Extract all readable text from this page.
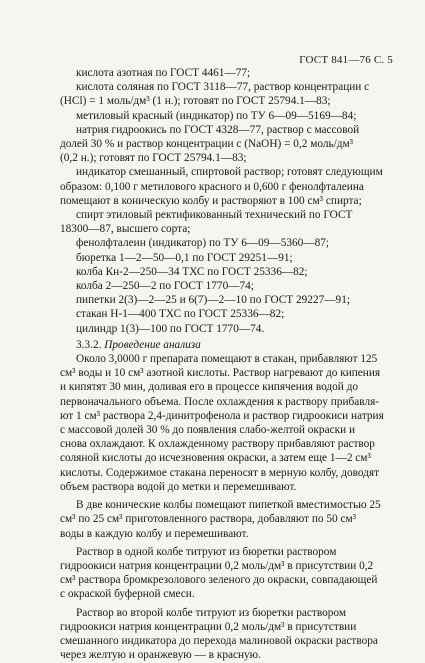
ГОСТ 841—76 С. 5
кислота азотная по ГОСТ 4461—77;
кислота соляная по ГОСТ 3118—77, раствор концентрации c
(HCl) = 1 моль/дм³ (1 н.); готовят по ГОСТ 25794.1—83;
метиловый красный (индикатор) по ТУ 6—09—5169—84;
натрия гидроокись по ГОСТ 4328—77, раствор с массовой
долей 30 % и раствор концентрации c (NaOH) = 0,2 моль/дм³
(0,2 н.); готовят по ГОСТ 25794.1—83;
индикатор смешанный, спиртовой раствор; готовят следующим
образом: 0,100 г метилового красного и 0,600 г фенолфталеина
помещают в коническую колбу и растворяют в 100 см³ спирта;
спирт этиловый ректификованный технический по ГОСТ
18300—87, высшего сорта;
фенолфталеин (индикатор) по ТУ 6—09—5360—87;
бюретка 1—2—50—0,1 по ГОСТ 29251—91;
колба Кн-2—250—34 ТХС по ГОСТ 25336—82;
колба 2—250—2 по ГОСТ 1770—74;
пипетки 2(3)—2—25 и 6(7)—2—10 по ГОСТ 29227—91;
стакан Н-1—400 ТХС по ГОСТ 25336—82;
цилиндр 1(3)—100 по ГОСТ 1770—74.
3.3.2. Проведение анализа
Около 3,0000 г препарата помещают в стакан, прибавляют 125
см³ воды и 10 см³ азотной кислоты. Раствор нагревают до кипения
и кипятят 30 мин, доливая его в процессе кипячения водой до
первоначального объема. После охлаждения к раствору прибавля-
ют 1 см³ раствора 2,4-динитрофенола и раствор гидроокиси натрия
с массовой долей 30 % до появления слабо-желтой окраски и
снова охлаждают. К охлажденному раствору прибавляют раствор
соляной кислоты до исчезновения окраски, а затем еще 1—2 см³
кислоты. Содержимое стакана переносят в мерную колбу, доводят
объем раствора водой до метки и перемешивают.
В две конические колбы помещают пипеткой вместимостью 25
см³ по 25 см³ приготовленного раствора, добавляют по 50 см³
воды в каждую колбу и перемешивают.
Раствор в одной колбе титруют из бюретки раствором
гидроокиси натрия концентрации 0,2 моль/дм³ в присутствии 0,2
см³ раствора бромкрезолового зеленого до окраски, совпадающей
с окраской буферной смеси.
Раствор во второй колбе титруют из бюретки раствором
гидроокиси натрия концентрации 0,2 моль/дм³ в присутствии
смешанного индикатора до перехода малиновой окраски раствора
через желтую и оранжевую — в красную.
